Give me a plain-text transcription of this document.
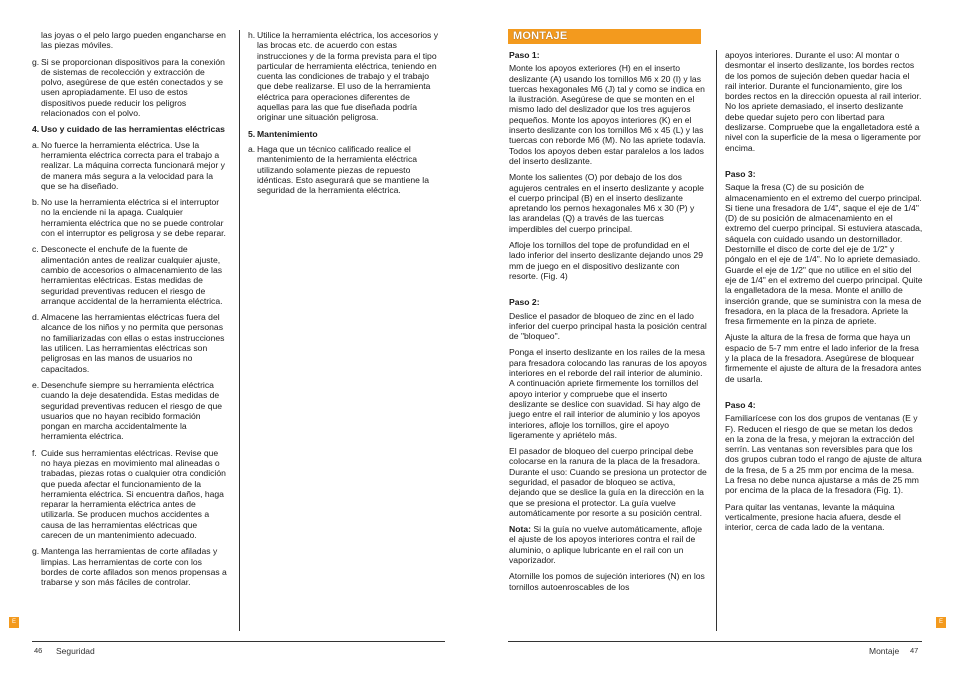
las joyas o el pelo largo pueden engancharse en las piezas móviles.
g. Si se proporcionan dispositivos para la conexión de sistemas de recolección y extracción de polvo, asegúrese de que estén conectados y se usen apropiadamente. El uso de estos dispositivos puede reducir los peligros relacionados con el polvo.
4. Uso y cuidado de las herramientas eléctricas
a. No fuerce la herramienta eléctrica. Use la herramienta eléctrica correcta para el trabajo a realizar. La máquina correcta funcionará mejor y de manera más segura a la velocidad para la que se ha diseñado.
b. No use la herramienta eléctrica si el interruptor no la enciende ni la apaga. Cualquier herramienta eléctrica que no se puede controlar con el interruptor es peligrosa y se debe reparar.
c. Desconecte el enchufe de la fuente de alimentación antes de realizar cualquier ajuste, cambio de accesorios o almacenamiento de las herramientas eléctricas. Estas medidas de seguridad preventivas reducen el riesgo de arranque accidental de la herramienta eléctrica.
d. Almacene las herramientas eléctricas fuera del alcance de los niños y no permita que personas no familiarizadas con ellas o estas instrucciones las utilicen. Las herramientas eléctricas son peligrosas en las manos de usuarios no capacitados.
e. Desenchufe siempre su herramienta eléctrica cuando la deje desatendida. Estas medidas de seguridad preventivas reducen el riesgo de que usuarios que no hayan recibido formación pongan en marcha accidentalmente la herramienta eléctrica.
f. Cuide sus herramientas eléctricas. Revise que no haya piezas en movimiento mal alineadas o trabadas, piezas rotas o cualquier otra condición que pueda afectar el funcionamiento de la herramienta eléctrica. Si encuentra daños, haga reparar la herramienta eléctrica antes de utilizarla. Se producen muchos accidentes a causa de las herramientas eléctricas que carecen de un mantenimiento adecuado.
g. Mantenga las herramientas de corte afiladas y limpias. Las herramientas de corte con los bordes de corte afilados son menos propensas a trabarse y son más fáciles de controlar.
h. Utilice la herramienta eléctrica, los accesorios y las brocas etc. de acuerdo con estas instrucciones y de la forma prevista para el tipo particular de herramienta eléctrica, teniendo en cuenta las condiciones de trabajo y el trabajo que debe realizarse. El uso de la herramienta eléctrica para operaciones diferentes de aquellas para las que fue diseñada podría originar une situación peligrosa.
5. Mantenimiento
a. Haga que un técnico calificado realice el mantenimiento de la herramienta eléctrica utilizando solamente piezas de repuesto idénticas. Esto asegurará que se mantiene la seguridad de la herramienta eléctrica.
E
46 Seguridad
MONTAJE
Paso 1:

Monte los apoyos exteriores (H) en el inserto deslizante (A) usando los tornillos M6 x 20 (I) y las tuercas hexagonales M6 (J) tal y como se indica en la ilustración. Asegúrese de que se monten en el mismo lado del deslizador que los tres agujeros pequeños. Monte los apoyos interiores (K) en el inserto deslizante con los tornillos M6 x 45 (L) y las tuercas con reborde M6 (M). No las apriete todavía. Todos los apoyos deben estar paralelos a los lados del inserto deslizante.

Monte los salientes (O) por debajo de los dos agujeros centrales en el inserto deslizante y acople el cuerpo principal (B) en el inserto deslizante apretando los pernos hexagonales M6 x 30 (P) y las arandelas (Q) a través de las tuercas imperdibles del cuerpo principal.

Afloje los tornillos del tope de profundidad en el lado inferior del inserto deslizante dejando unos 29 mm de juego en el dispositivo deslizante con resorte. (Fig. 4)

Paso 2:

Deslice el pasador de bloqueo de zinc en el lado inferior del cuerpo principal hasta la posición central de "bloqueo".

Ponga el inserto deslizante en los railes de la mesa para fresadora colocando las ranuras de los apoyos interiores en el reborde del rail interior de aluminio. A continuación apriete firmemente los tornillos del apoyo interior y compruebe que el inserto deslizante se deslice con suavidad. Si hay algo de juego entre el rail interior de aluminio y los apoyos interiores, afloje los tornillos, gire el apoyo ligeramente y apriételo más.

El pasador de bloqueo del cuerpo principal debe colocarse en la ranura de la placa de la fresadora. Durante el uso: Cuando se presiona un protector de seguridad, el pasador de bloqueo se activa, dejando que se deslice la guía en la dirección en la que se presiona el protector. La guía vuelve automáticamente por resorte a su posición central.

Nota: Si la guía no vuelve automáticamente, afloje el ajuste de los apoyos interiores contra el rail de aluminio, o aplique lubricante en el rail con un vaporizador.

Atornille los pomos de sujeción interiores (N) en los tornillos autoenroscables de los

apoyos interiores. Durante el uso: Al montar o desmontar el inserto deslizante, los bordes rectos de los pomos de sujeción deben quedar hacia el rail interior. Durante el funcionamiento, gire los bordes rectos en la dirección opuesta al rail interior. No los apriete demasiado, el inserto deslizante debe quedar sujeto pero con libertad para deslizarse. Compruebe que la engalletadora esté a nivel con la superficie de la mesa o ligeramente por encima.

Paso 3:

Saque la fresa (C) de su posición de almacenamiento en el extremo del cuerpo principal. Si tiene una fresadora de 1/4", saque el eje de 1/4" (D) de su posición de almacenamiento en el extremo del cuerpo principal. Si estuviera atascada, sáquela con cuidado usando un destornillador. Destornille el disco de corte del eje de 1/2" y póngalo en el eje de 1/4". No lo apriete demasiado. Guarde el eje de 1/2" que no utilice en el sitio del eje de 1/4" en el extremo del cuerpo principal. Quite la engalletadora de la mesa. Monte el anillo de inserción grande, que se suministra con la mesa de fresadora, en la placa de la fresadora. Apriete la fresa firmemente en la pinza de apriete.

Ajuste la altura de la fresa de forma que haya un espacio de 5-7 mm entre el lado inferior de la fresa y la placa de la fresadora. Asegúrese de bloquear firmemente el ajuste de altura de la fresadora antes de usarla.

Paso 4:

Familiarícese con los dos grupos de ventanas (E y F). Reducen el riesgo de que se metan los dedos en la zona de la fresa, y mejoran la extracción del serrín. Las ventanas son reversibles para que los dos grupos cubran todo el rango de ajuste de altura de la fresa, de 5 a 25 mm por encima de la mesa. La fresa no debe nunca ajustarse a más de 25 mm por encima de la placa de la fresadora (Fig. 1).

Para quitar las ventanas, levante la máquina verticalmente, presione hacia afuera, desde el interior, cerca de cada lado de la ventana.

E
Montaje 47
